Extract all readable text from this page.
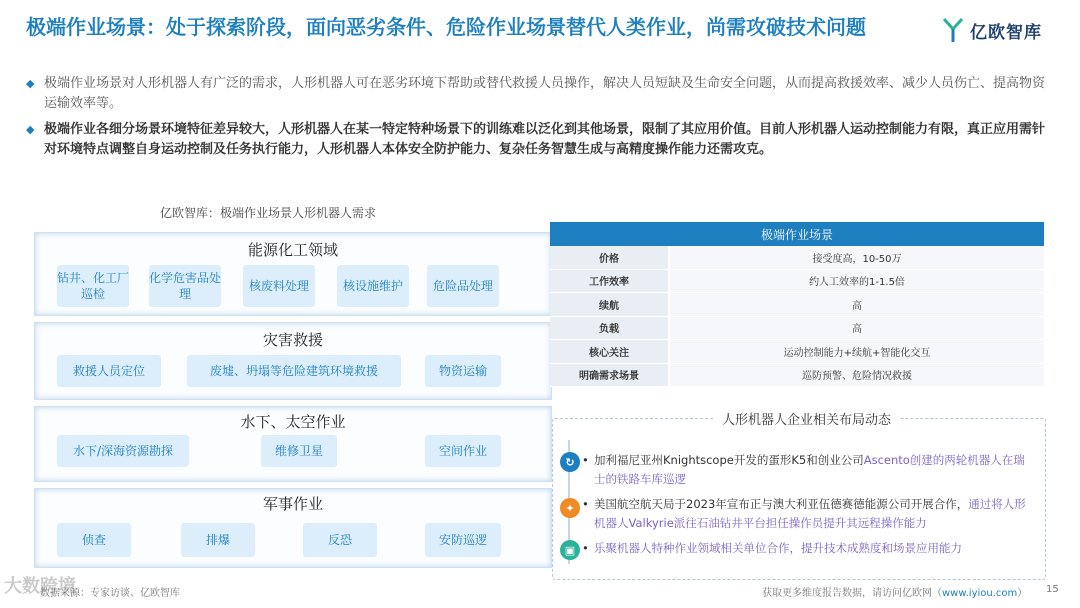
极端作业场景：处于探索阶段，面向恶劣条件、危险作业场景替代人类作业，尚需攻破技术问题	亿欧智库
◆ 极端作业场景对人形机器人有广泛的需求，人形机器人可在恶劣环境下帮助或替代救援人员操作，解决人员短缺及生命安全问题，从而提高救援效率、减少人员伤亡、提高物资运输效率等。
◆ 极端作业各细分场景环境特征差异较大，人形机器人在某一特定特种场景下的训练难以泛化到其他场景，限制了其应用价值。目前人形机器人运动控制能力有限，真正应用需针对环境特点调整自身运动控制及任务执行能力，人形机器人本体安全防护能力、复杂任务智慧生成与高精度操作能力还需攻克。
亿欧智库：极端作业场景人形机器人需求
能源化工领域
钻井、化工厂巡检
化学危害品处理
核废料处理	核设施维护	危险品处理
灾害救援
救援人员定位	废墟、坍塌等危险建筑环境救援	物资运输
水下、太空作业
水下/深海资源勘探	维修卫星	空间作业
军事作业
侦查	排爆	反恐	安防巡逻
极端作业场景
价格	接受度高，10-50万
工作效率	约人工效率的1-1.5倍
续航	高
负载	高
核心关注	运动控制能力+续航+智能化交互
明确需求场景	巡防预警、危险情况救援
人形机器人企业相关布局动态
↻
✦
▣
• 加利福尼亚州Knightscope开发的蛋形K5和创业公司Ascento创建的两轮机器人在瑞士的铁路车库巡逻
• 美国航空航天局于2023年宣布正与澳大利亚伍德赛德能源公司开展合作，通过将人形机器人Valkyrie派往石油钻井平台担任操作员提升其远程操作能力
• 乐聚机器人特种作业领域相关单位合作，提升技术成熟度和场景应用能力
大数跨境
数据来源：专家访谈、亿欧智库	获取更多维度报告数据，请访问亿欧网（www.iyiou.com） 15
